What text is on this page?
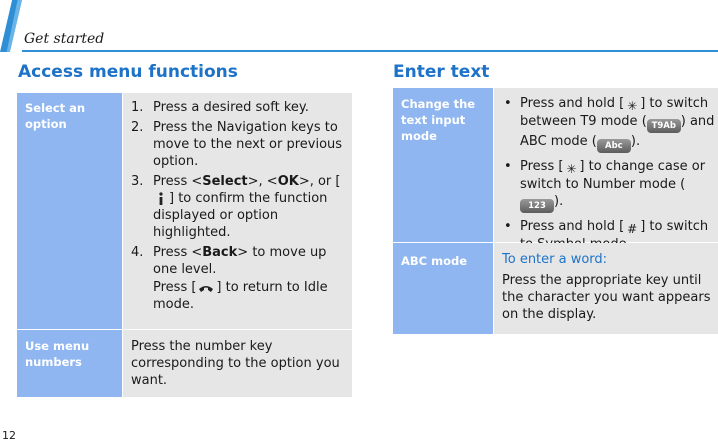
Get started
Access menu functions
Select an option
1. Press a desired soft key.
2. Press the Navigation keys to move to the next or previous option.
3. Press <Select>, <OK>, or [ ] to confirm the function displayed or option highlighted.
4. Press <Back> to move up one level.
Press [ ] to return to Idle mode.
Use menu numbers
Press the number key corresponding to the option you want.
Enter text
Change the text input mode
• Press and hold [ ✳ ] to switch between T9 mode ( T9Ab ) and ABC mode ( Abc ).
• Press [ ✳ ] to change case or switch to Number mode (123 ).
• Press and hold [ # ] to switch
ABC mode	To enter a word:
Press the appropriate key until the character you want appears on the display.
12
